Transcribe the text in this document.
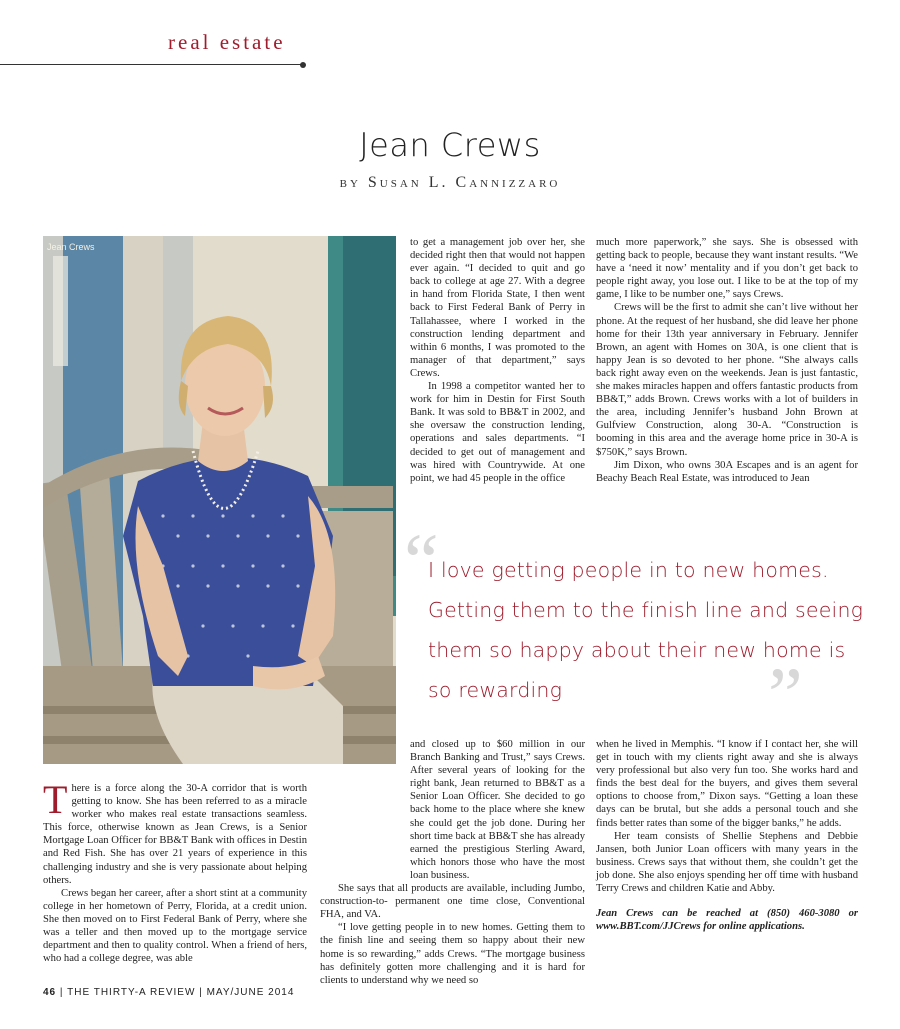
real estate
Jean Crews
by Susan L. Cannizzaro
Jean Crews	to get a management job over her, she decided right then that would not happen ever again. “I decided to quit and go back to college at age 27. With a degree in hand from Florida State, I then went back to First Federal Bank of Perry in Tallahassee, where I worked in the construction lending department and within 6 months, I was promoted to the manager of that department,” says Crews.

In 1998 a competitor wanted her to work for him in Destin for First South Bank. It was sold to BB&T in 2002, and she oversaw the construction lending, operations and sales departments. “I decided to get out of management and was hired with Countrywide. At one point, we had 45 people in the office

much more paperwork,” she says. She is obsessed with getting back to people, because they want instant results. “We have a ‘need it now’ mentality and if you don’t get back to people right away, you lose out. I like to be at the top of my game, I like to be number one,” says Crews.

Crews will be the first to admit she can’t live without her phone. At the request of her husband, she did leave her phone home for their 13th year anniversary in February. Jennifer Brown, an agent with Homes on 30A, is one client that is happy Jean is so devoted to her phone. “She always calls back right away even on the weekends. Jean is just fantastic, she makes miracles happen and offers fantastic products from BB&T,” adds Brown. Crews works with a lot of builders in the area, including Jennifer’s husband John Brown at Gulfview Construction, along 30-A. “Construction is booming in this area and the average home price in 30-A is $750K,” says Brown.

Jim Dixon, who owns 30A Escapes and is an agent for Beachy Beach Real Estate, was introduced to Jean

“
I love getting people in to new homes. Getting them to the finish line and seeing them so happy about their new home is so rewarding	”

There is a force along the 30-A corridor that is worth getting to know. She has been referred to as a miracle worker who makes real estate transactions seamless. This force, otherwise known as Jean Crews, is a Senior Mortgage Loan Officer for BB&T Bank with offices in Destin and Red Fish. She has over 21 years of experience in this challenging industry and she is very passionate about helping others.

Crews began her career, after a short stint at a community college in her hometown of Perry, Florida, at a credit union. She then moved on to First Federal Bank of Perry, where she was a teller and then moved up to the mortgage service department and then to quality control. When a friend of hers, who had a college degree, was able

and closed up to $60 million in our Branch Banking and Trust,” says Crews. After several years of looking for the right bank, Jean returned to BB&T as a Senior Loan Officer. She decided to go back home to the place where she knew she could get the job done. During her short time back at BB&T she has already earned the prestigious Sterling Award, which honors those who have the most loan business.

She says that all products are available, including Jumbo, construction-to- permanent one time close, Conventional FHA, and VA.

“I love getting people in to new homes. Getting them to the finish line and seeing them so happy about their new home is so rewarding,” adds Crews. “The mortgage business has definitely gotten more challenging and it is hard for clients to understand why we need so

when he lived in Memphis. “I know if I contact her, she will get in touch with my clients right away and she is always very professional but also very fun too. She works hard and finds the best deal for the buyers, and gives them several options to choose from,” Dixon says. “Getting a loan these days can be brutal, but she adds a personal touch and she finds better rates than some of the bigger banks,” he adds.

Her team consists of Shellie Stephens and Debbie Jansen, both Junior Loan officers with many years in the business. Crews says that without them, she couldn’t get the job done. She also enjoys spending her off time with husband Terry Crews and children Katie and Abby.

Jean Crews can be reached at (850) 460-3080 or www.BBT.com/JJCrews for online applications.

46 | THE THIRTY-A REVIEW | MAY/JUNE 2014
